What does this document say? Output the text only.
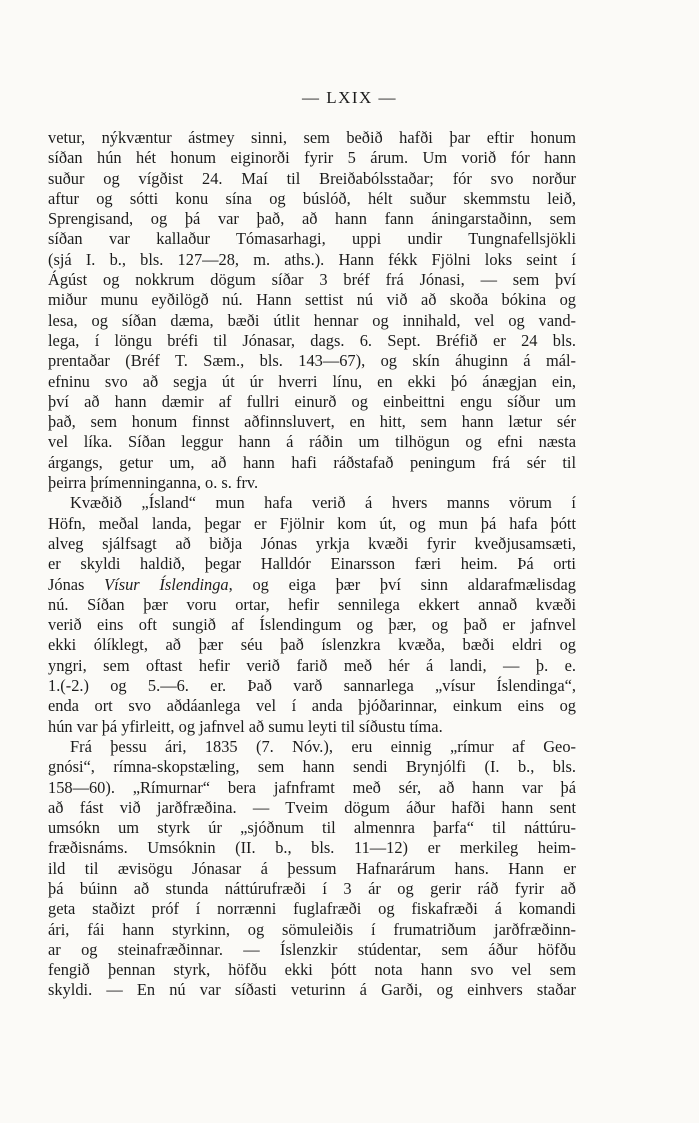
— LXIX —
vetur, nýkvæntur ástmey sinni, sem beðið hafði þar eftir honum
síðan hún hét honum eiginorði fyrir 5 árum. Um vorið fór hann
suður og vígðist 24. Maí til Breiðabólsstaðar; fór svo norður
aftur og sótti konu sína og búslóð, hélt suður skemmstu leið,
Sprengisand, og þá var það, að hann fann áningarstaðinn, sem
síðan var kallaður Tómasarhagi, uppi undir Tungnafellsjökli
(sjá I. b., bls. 127—28, m. aths.). Hann fékk Fjölni loks seint í
Ágúst og nokkrum dögum síðar 3 bréf frá Jónasi, — sem því
miður munu eyðilögð nú. Hann settist nú við að skoða bókina og
lesa, og síðan dæma, bæði útlit hennar og innihald, vel og vand-
lega, í löngu bréfi til Jónasar, dags. 6. Sept. Bréfið er 24 bls.
prentaðar (Bréf T. Sæm., bls. 143—67), og skín áhuginn á mál-
efninu svo að segja út úr hverri línu, en ekki þó ánægjan ein,
því að hann dæmir af fullri einurð og einbeittni engu síður um
það, sem honum finnst aðfinnsluvert, en hitt, sem hann lætur sér
vel líka. Síðan leggur hann á ráðin um tilhögun og efni næsta
árgangs, getur um, að hann hafi ráðstafað peningum frá sér til
þeirra þrímenninganna, o. s. frv.
Kvæðið „Ísland“ mun hafa verið á hvers manns vörum í
Höfn, meðal landa, þegar er Fjölnir kom út, og mun þá hafa þótt
alveg sjálfsagt að biðja Jónas yrkja kvæði fyrir kveðjusamsæti,
er skyldi haldið, þegar Halldór Einarsson færi heim. Þá orti
Jónas Vísur Íslendinga, og eiga þær því sinn aldarafmælisdag
nú. Síðan þær voru ortar, hefir sennilega ekkert annað kvæði
verið eins oft sungið af Íslendingum og þær, og það er jafnvel
ekki ólíklegt, að þær séu það íslenzkra kvæða, bæði eldri og
yngri, sem oftast hefir verið farið með hér á landi, — þ. e.
1.(-2.) og 5.—6. er. Það varð sannarlega „vísur Íslendinga“,
enda ort svo aðdáanlega vel í anda þjóðarinnar, einkum eins og
hún var þá yfirleitt, og jafnvel að sumu leyti til síðustu tíma.
Frá þessu ári, 1835 (7. Nóv.), eru einnig „rímur af Geo-
gnósi“, rímna-skopstæling, sem hann sendi Brynjólfi (I. b., bls.
158—60). „Rímurnar“ bera jafnframt með sér, að hann var þá
að fást við jarðfræðina. — Tveim dögum áður hafði hann sent
umsókn um styrk úr „sjóðnum til almennra þarfa“ til náttúru-
fræðisnáms. Umsóknin (II. b., bls. 11—12) er merkileg heim-
ild til ævisögu Jónasar á þessum Hafnarárum hans. Hann er
þá búinn að stunda náttúrufræði í 3 ár og gerir ráð fyrir að
geta staðizt próf í norrænni fuglafræði og fiskafræði á komandi
ári, fái hann styrkinn, og sömuleiðis í frumatriðum jarðfræðinn-
ar og steinafræðinnar. — Íslenzkir stúdentar, sem áður höfðu
fengið þennan styrk, höfðu ekki þótt nota hann svo vel sem
skyldi. — En nú var síðasti veturinn á Garði, og einhvers staðar
